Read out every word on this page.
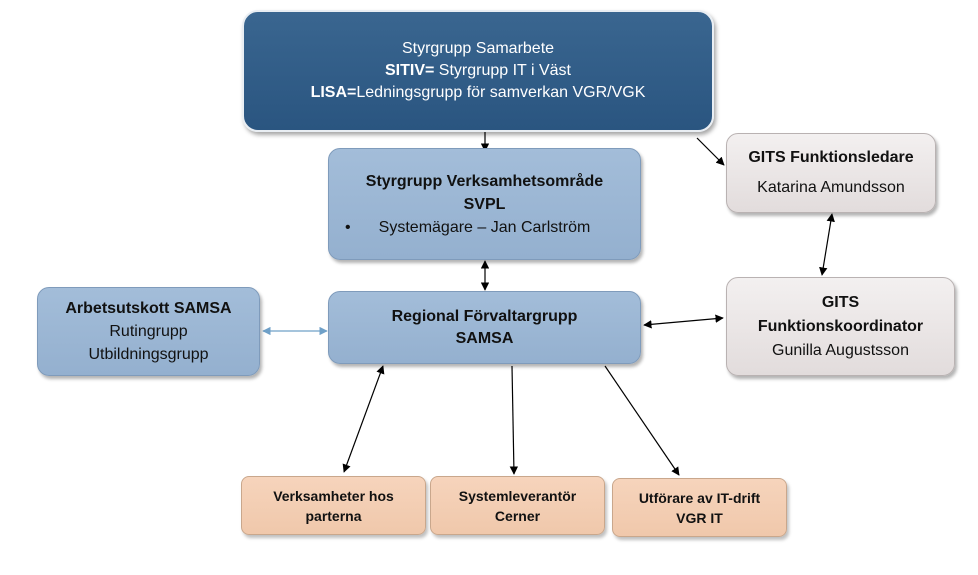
Styrgrupp Samarbete
SITIV= Styrgrupp IT i Väst
LISA=Ledningsgrupp för samverkan VGR/VGK
Styrgrupp Verksamhetsområde
SVPL
• Systemägare – Jan Carlström
Regional Förvaltargrupp
SAMSA
Arbetsutskott SAMSA
Rutingrupp
Utbildningsgrupp
GITS Funktionsledare
Katarina Amundsson
GITS
Funktionskoordinator
Gunilla Augustsson
Verksamheter hos
parterna
Systemleverantör
Cerner
Utförare av IT-drift
VGR IT
